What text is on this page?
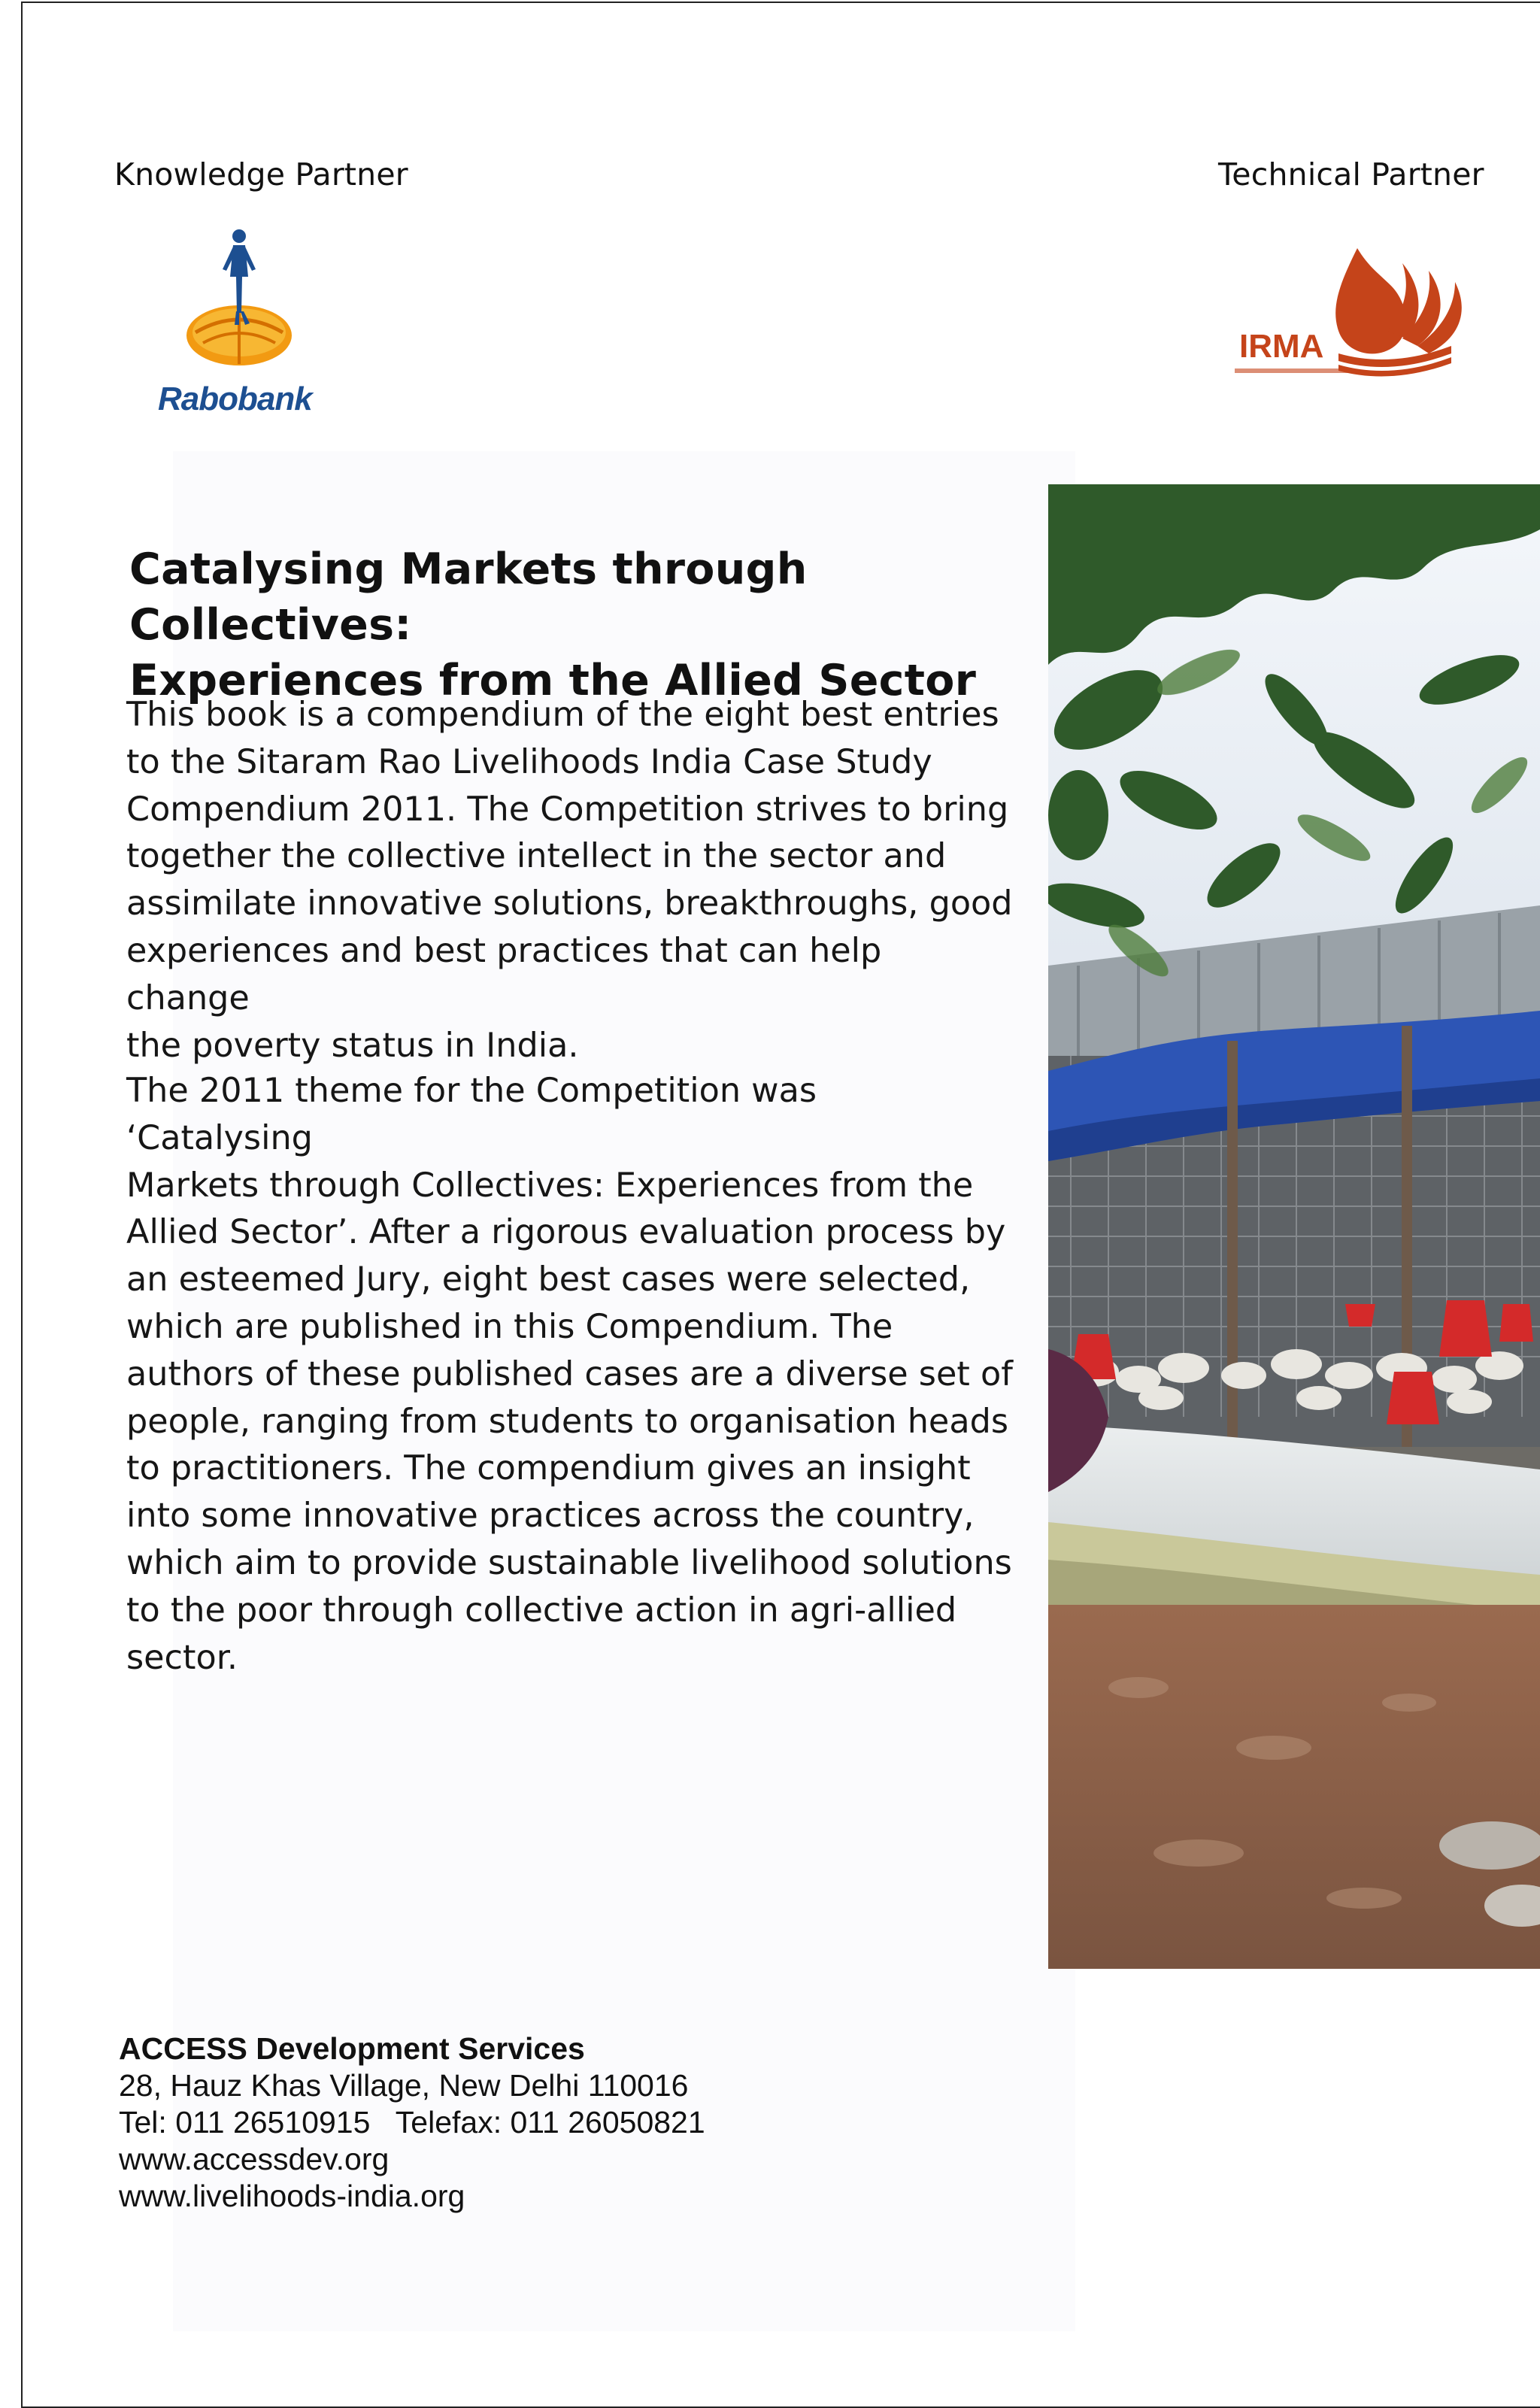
Knowledge Partner	Technical Partner
Rabobank
IRMA
Catalysing Markets through Collectives:
Experiences from the Allied Sector
This book is a compendium of the eight best entries
to the Sitaram Rao Livelihoods India Case Study
Compendium 2011. The Competition strives to bring
together the collective intellect in the sector and
assimilate innovative solutions, breakthroughs, good
experiences and best practices that can help change
the poverty status in India.
The 2011 theme for the Competition was ‘Catalysing
Markets through Collectives: Experiences from the
Allied Sector’. After a rigorous evaluation process by
an esteemed Jury, eight best cases were selected,
which are published in this Compendium. The
authors of these published cases are a diverse set of
people, ranging from students to organisation heads
to practitioners. The compendium gives an insight
into some innovative practices across the country,
which aim to provide sustainable livelihood solutions
to the poor through collective action in agri-allied
sector.
ACCESS Development Services
28, Hauz Khas Village, New Delhi 110016
Tel: 011 26510915   Telefax: 011 26050821
www.accessdev.org
www.livelihoods-india.org
